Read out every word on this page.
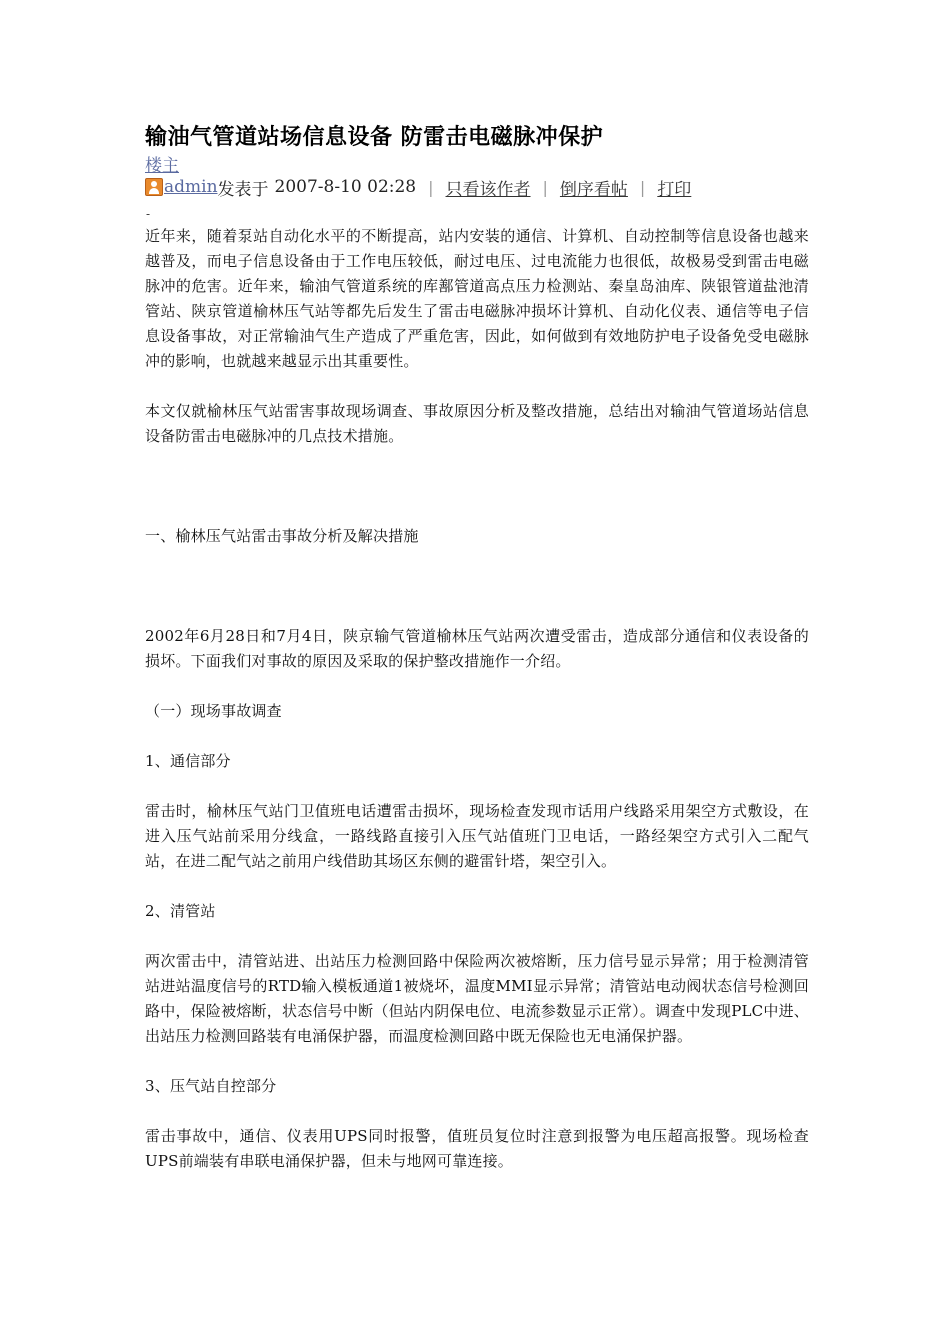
输油气管道站场信息设备 防雷击电磁脉冲保护
楼主
admin 发表于 2007-8-10 02:28 | 只看该作者 | 倒序看帖 | 打印
-

近年来，随着泵站自动化水平的不断提高，站内安装的通信、计算机、自动控制等信息设备也越来越普及，而电子信息设备由于工作电压较低，耐过电压、过电流能力也很低，故极易受到雷击电磁脉冲的危害。近年来，输油气管道系统的库鄯管道高点压力检测站、秦皇岛油库、陕银管道盐池清管站、陕京管道榆林压气站等都先后发生了雷击电磁脉冲损坏计算机、自动化仪表、通信等电子信息设备事故，对正常输油气生产造成了严重危害，因此，如何做到有效地防护电子设备免受电磁脉冲的影响，也就越来越显示出其重要性。

本文仅就榆林压气站雷害事故现场调查、事故原因分析及整改措施，总结出对输油气管道场站信息设备防雷击电磁脉冲的几点技术措施。

一、榆林压气站雷击事故分析及解决措施

2002年6月28日和7月4日，陕京输气管道榆林压气站两次遭受雷击，造成部分通信和仪表设备的损坏。下面我们对事故的原因及采取的保护整改措施作一介绍。

（一）现场事故调查

1、通信部分

雷击时，榆林压气站门卫值班电话遭雷击损坏，现场检查发现市话用户线路采用架空方式敷设，在进入压气站前采用分线盒，一路线路直接引入压气站值班门卫电话，一路经架空方式引入二配气站，在进二配气站之前用户线借助其场区东侧的避雷针塔，架空引入。

2、清管站

两次雷击中，清管站进、出站压力检测回路中保险两次被熔断，压力信号显示异常；用于检测清管站进站温度信号的RTD输入模板通道1被烧坏，温度MMI显示异常；清管站电动阀状态信号检测回路中，保险被熔断，状态信号中断（但站内阴保电位、电流参数显示正常）。调查中发现PLC中进、出站压力检测回路装有电涌保护器，而温度检测回路中既无保险也无电涌保护器。

3、压气站自控部分

雷击事故中，通信、仪表用UPS同时报警，值班员复位时注意到报警为电压超高报警。现场检查UPS前端装有串联电涌保护器，但未与地网可靠连接。
